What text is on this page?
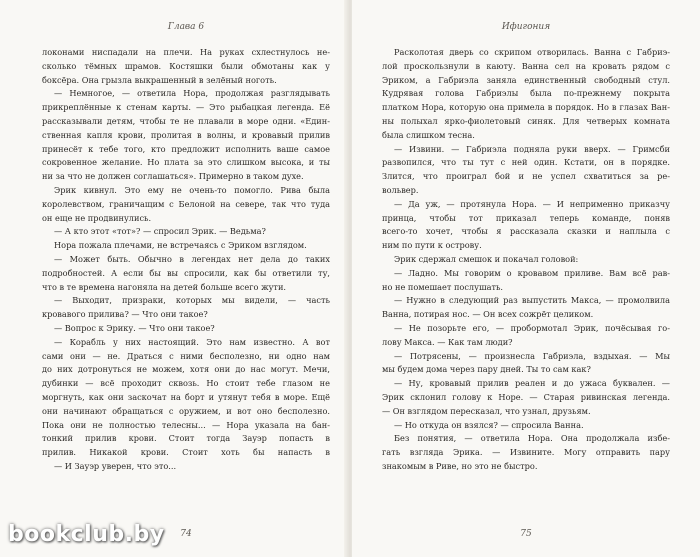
Глава 6
локонами ниспадали на плечи. На руках схлестнулось не-
сколько тёмных шрамов. Костяшки были обмотаны как у
боксёра. Она грызла выкрашенный в зелёный ноготь.
— Немногое, — ответила Нора, продолжая разглядывать
прикреплённые к стенам карты. — Это рыбацкая легенда. Её
рассказывали детям, чтобы те не плавали в море одни. «Един-
ственная капля крови, пролитая в волны, и кровавый прилив
принесёт к тебе того, кто предложит исполнить ваше самое
сокровенное желание. Но плата за это слишком высока, и ты
ни за что не должен соглашаться». Примерно в таком духе.
Эрик кивнул. Это ему не очень-то помогло. Рива была
королевством, граничащим с Белоной на севере, так что туда
он еще не продвинулись.
— А кто этот «тот»? — спросил Эрик. — Ведьма?
Нора пожала плечами, не встречаясь с Эриком взглядом.
— Может быть. Обычно в легендах нет дела до таких
подробностей. А если бы вы спросили, как бы ответили ту,
что в те времена нагоняла на детей больше всего жути.
— Выходит, призраки, которых мы видели, — часть
кровавого прилива? — Что они такое?
— Вопрос к Эрику. — Что они такое?
— Корабль у них настоящий. Это нам известно. А вот
сами они — не. Драться с ними бесполезно, ни одно нам
до них дотронуться не можем, хотя они до нас могут. Мечи,
дубинки — всё проходит сквозь. Но стоит тебе глазом не
моргнуть, как они заскочат на борт и утянут тебя в море. Ещё
они начинают обращаться с оружием, и вот оно бесполезно.
Пока они не полностью телесны... — Нора указала на бан-
тонкий прилив крови. Стоит тогда Зауэр попасть в
прилив. Никакой крови. Стоит хоть бы напасть в
— И Зауэр уверен, что это...
74
Ифигония
Расколотая дверь со скрипом отворилась. Ванна с Габриэ-
лой проскользнули в каюту. Ванна сел на кровать рядом с
Эриком, а Габриэла заняла единственный свободный стул.
Кудрявая голова Габриэлы была по-прежнему покрыта
платком Нора, которую она примела в порядок. Но в глазах Ван-
ны полыхал ярко-фиолетовый синяк. Для четверых комната
была слишком тесна.
— Извини. — Габриэла подняла руки вверх. — Гримсби
развопился, что ты тут с ней один. Кстати, он в порядке.
Злится, что проиграл бой и не успел схватиться за ре-
вольвер.
— Да уж, — протянула Нора. — И неприменно приказчу
принца, чтобы тот приказал теперь команде, поняв
всего-то хочет, чтобы я рассказала сказки и наплыла с
ним по пути к острову.
Эрик сдержал смешок и покачал головой:
— Ладно. Мы говорим о кровавом приливе. Вам всё рав-
но не помешает послушать.
— Нужно в следующий раз выпустить Макса, — промолвила
Ванна, потирая нос. — Он всех сожрёт целиком.
— Не позорьте его, — пробормотал Эрик, почёсывая го-
лову Макса. — Как там люди?
— Потрясены, — произнесла Габриэла, вздыхая. — Мы
мы будем дома через пару дней. Ты то сам как?
— Ну, кровавый прилив реален и до ужаса буквален. —
Эрик склонил голову к Норе. — Старая ривинская легенда.
— Он взглядом пересказал, что узнал, друзьям.
— Но откуда он взялся? — спросила Ванна.
Без понятия, — ответила Нора. Она продолжала избе-
гать взгляда Эрика. — Извините. Могу отправить пару
знакомым в Риве, но это не быстро.
75
bookclub.by
